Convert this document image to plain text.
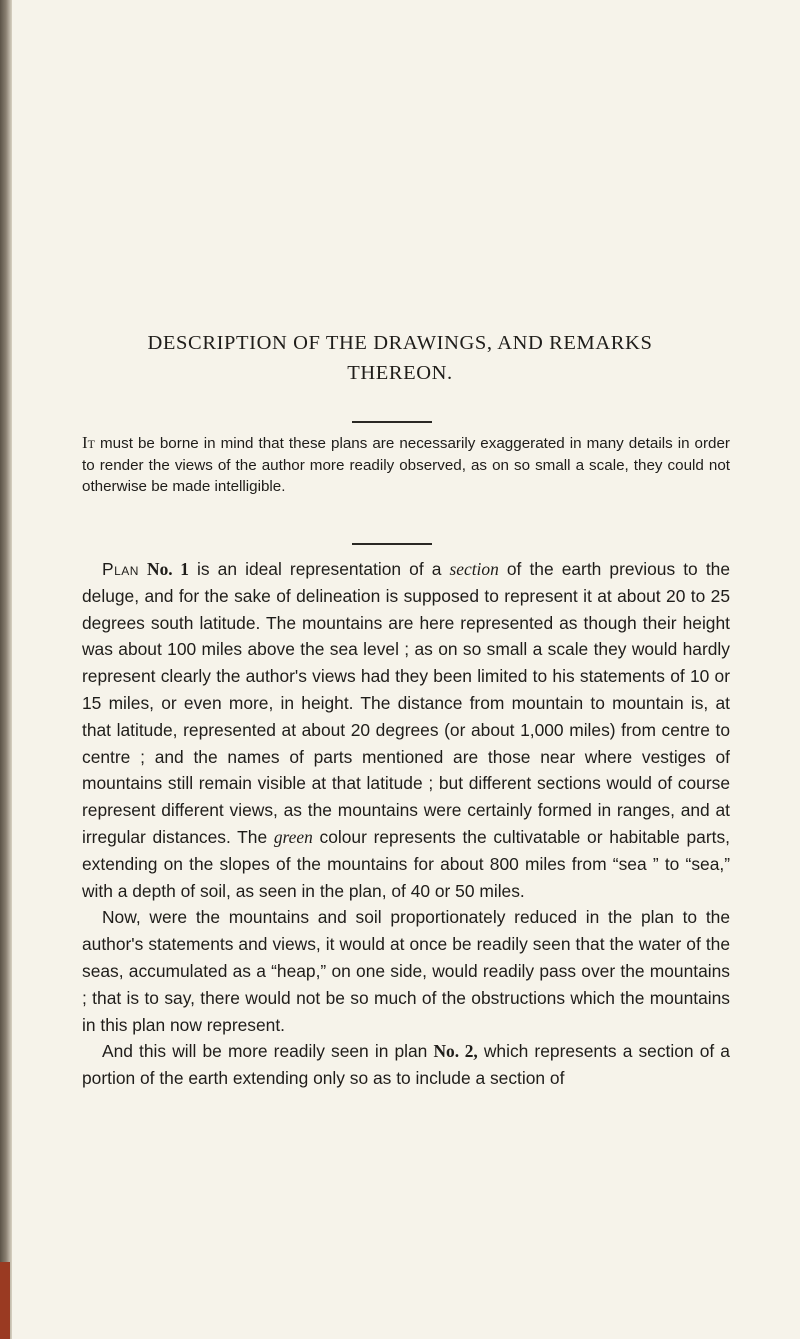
DESCRIPTION OF THE DRAWINGS, AND REMARKS
THEREON.
It must be borne in mind that these plans are necessarily exaggerated in many details in order to render the views of the author more readily observed, as on so small a scale, they could not otherwise be made intelligible.

Plan No. 1 is an ideal representation of a section of the earth previous to the deluge, and for the sake of delineation is supposed to represent it at about 20 to 25 degrees south latitude. The mountains are here represented as though their height was about 100 miles above the sea level ; as on so small a scale they would hardly represent clearly the author's views had they been limited to his statements of 10 or 15 miles, or even more, in height. The distance from mountain to mountain is, at that latitude, represented at about 20 degrees (or about 1,000 miles) from centre to centre ; and the names of parts mentioned are those near where vestiges of mountains still remain visible at that latitude ; but different sections would of course represent different views, as the mountains were certainly formed in ranges, and at irregular distances. The green colour represents the cultivatable or habitable parts, extending on the slopes of the mountains for about 800 miles from “sea ” to “sea,” with a depth of soil, as seen in the plan, of 40 or 50 miles.

Now, were the mountains and soil proportionately reduced in the plan to the author's statements and views, it would at once be readily seen that the water of the seas, accumulated as a “heap,” on one side, would readily pass over the mountains ; that is to say, there would not be so much of the obstructions which the mountains in this plan now represent.

And this will be more readily seen in plan No. 2, which represents a section of a portion of the earth extending only so as to include a section of
